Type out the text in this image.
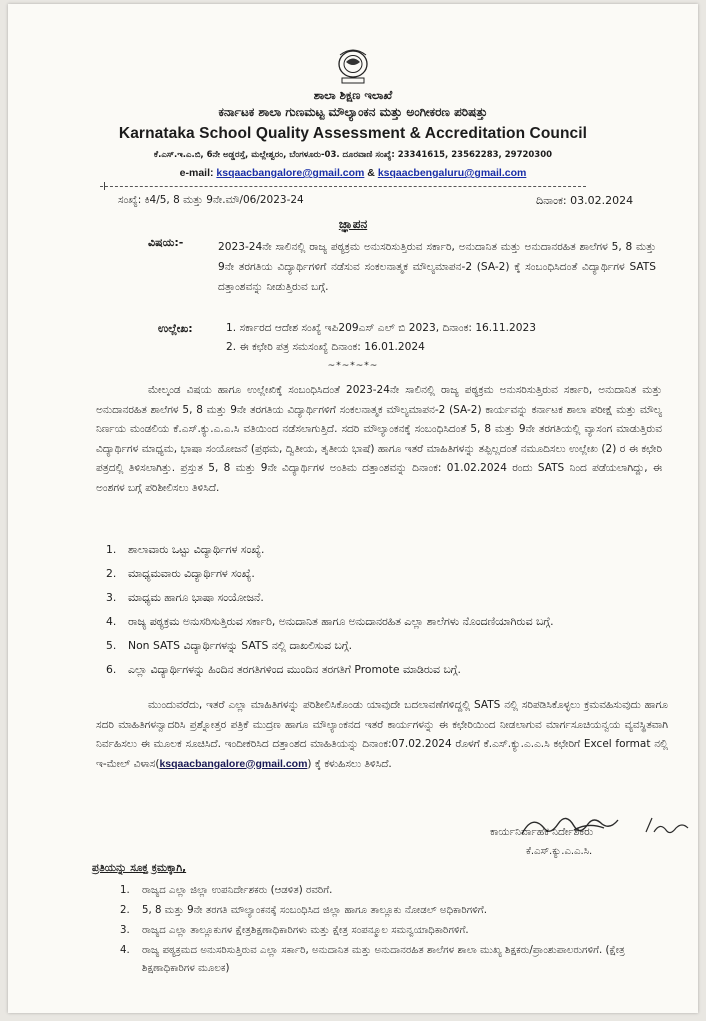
ಶಾಲಾ ಶಿಕ್ಷಣ ಇಲಾಖೆ
ಕರ್ನಾಟಕ ಶಾಲಾ ಗುಣಮಟ್ಟ ಮೌಲ್ಯಾಂಕನ ಮತ್ತು ಅಂಗೀಕರಣ ಪರಿಷತ್ತು
Karnataka School Quality Assessment & Accreditation Council
ಕೆ.ಎಸ್.ಇ.ಎ.ಬಿ, 6ನೇ ಅಡ್ಡರಸ್ತೆ, ಮಲ್ಲೇಶ್ವರಂ, ಬೆಂಗಳೂರು-03. ದೂರವಾಣಿ ಸಂಖ್ಯೆ: 23341615, 23562283, 29720300
e-mail: ksqaacbangalore@gmail.com & ksqaacbengaluru@gmail.com
ಸಂಖ್ಯೆ: ಕಿ4/5, 8 ಮತ್ತು 9ನೇ.ಮೌ/06/2023-24	ದಿನಾಂಕ: 03.02.2024
ಜ್ಞಾಪನ
ವಿಷಯ:-	2023-24ನೇ ಸಾಲಿನಲ್ಲಿ ರಾಜ್ಯ ಪಠ್ಯಕ್ರಮ ಅನುಸರಿಸುತ್ತಿರುವ ಸರ್ಕಾರಿ, ಅನುದಾನಿತ ಮತ್ತು ಅನುದಾನರಹಿತ ಶಾಲೆಗಳ 5, 8 ಮತ್ತು 9ನೇ ತರಗತಿಯ ವಿದ್ಯಾರ್ಥಿಗಳಿಗೆ ನಡೆಸುವ ಸಂಕಲನಾತ್ಮಕ ಮೌಲ್ಯಮಾಪನ-2 (SA-2) ಕ್ಕೆ ಸಂಬಂಧಿಸಿದಂತೆ ವಿದ್ಯಾರ್ಥಿಗಳ SATS ದತ್ತಾಂಶವನ್ನು ನೀಡುತ್ತಿರುವ ಬಗ್ಗೆ.
ಉಲ್ಲೇಖ:	1. ಸರ್ಕಾರದ ಆದೇಶ ಸಂಖ್ಯೆ ಇಪಿ209ಎಸ್ ಎಲ್ ಬಿ 2023, ದಿನಾಂಕ: 16.11.2023
2. ಈ ಕಛೇರಿ ಪತ್ರ ಸಮಸಂಖ್ಯೆ ದಿನಾಂಕ: 16.01.2024
~*~*~*~
ಮೇಲ್ಕಂಡ ವಿಷಯ ಹಾಗೂ ಉಲ್ಲೇಖಿಕ್ಕೆ ಸಂಬಂಧಿಸಿದಂತೆ 2023-24ನೇ ಸಾಲಿನಲ್ಲಿ ರಾಜ್ಯ ಪಠ್ಯಕ್ರಮ ಅನುಸರಿಸುತ್ತಿರುವ ಸರ್ಕಾರಿ, ಅನುದಾನಿತ ಮತ್ತು ಅನುದಾನರಹಿತ ಶಾಲೆಗಳ 5, 8 ಮತ್ತು 9ನೇ ತರಗತಿಯ ವಿದ್ಯಾರ್ಥಿಗಳಿಗೆ ಸಂಕಲನಾತ್ಮಕ ಮೌಲ್ಯಮಾಪನ-2 (SA-2) ಕಾರ್ಯವನ್ನು ಕರ್ನಾಟಕ ಶಾಲಾ ಪರೀಕ್ಷೆ ಮತ್ತು ಮೌಲ್ಯ ನಿರ್ಣಯ ಮಂಡಲಿಯ ಕೆ.ಎಸ್.ಕ್ಯು.ಎ.ಎ.ಸಿ ವತಿಯಿಂದ ನಡೆಸಲಾಗುತ್ತಿದೆ. ಸದರಿ ಮೌಲ್ಯಾಂಕನಕ್ಕೆ ಸಂಬಂಧಿಸಿದಂತೆ 5, 8 ಮತ್ತು 9ನೇ ತರಗತಿಯಲ್ಲಿ ವ್ಯಾಸಂಗ ಮಾಡುತ್ತಿರುವ ವಿದ್ಯಾರ್ಥಿಗಳ ಮಾಧ್ಯಮ, ಭಾಷಾ ಸಂಯೋಜನೆ (ಪ್ರಥಮ, ದ್ವಿತೀಯ, ತೃತೀಯ ಭಾಷೆ) ಹಾಗೂ ಇತರೆ ಮಾಹಿತಿಗಳನ್ನು ತಪ್ಪಿಲ್ಲದಂತೆ ನಮೂದಿಸಲು ಉಲ್ಲೇಖ (2) ರ ಈ ಕಛೇರಿ ಪತ್ರದಲ್ಲಿ ತಿಳಿಸಲಾಗಿತ್ತು. ಪ್ರಸ್ತುತ 5, 8 ಮತ್ತು 9ನೇ ವಿದ್ಯಾರ್ಥಿಗಳ ಅಂತಿಮ ದತ್ತಾಂಶವನ್ನು ದಿನಾಂಕ: 01.02.2024 ರಂದು SATS ನಿಂದ ಪಡೆಯಲಾಗಿದ್ದು, ಈ ಅಂಶಗಳ ಬಗ್ಗೆ ಪರಿಶೀಲಿಸಲು ತಿಳಿಸಿದೆ.
1.	ಶಾಲಾವಾರು ಒಟ್ಟು ವಿದ್ಯಾರ್ಥಿಗಳ ಸಂಖ್ಯೆ.
2.	ಮಾಧ್ಯಮವಾರು ವಿದ್ಯಾರ್ಥಿಗಳ ಸಂಖ್ಯೆ.
3.	ಮಾಧ್ಯಮ ಹಾಗೂ ಭಾಷಾ ಸಂಯೋಜನೆ.
4.	ರಾಜ್ಯ ಪಠ್ಯಕ್ರಮ ಅನುಸರಿಸುತ್ತಿರುವ ಸರ್ಕಾರಿ, ಅನುದಾನಿತ ಹಾಗೂ ಅನುದಾನರಹಿತ ಎಲ್ಲಾ ಶಾಲೆಗಳು ನೊಂದಣಿಯಾಗಿರುವ ಬಗ್ಗೆ.
5.	Non SATS ವಿದ್ಯಾರ್ಥಿಗಳನ್ನು SATS ನಲ್ಲಿ ದಾಖಲಿಸುವ ಬಗ್ಗೆ.
6.	ಎಲ್ಲಾ ವಿದ್ಯಾರ್ಥಿಗಳನ್ನು ಹಿಂದಿನ ತರಗತಿಗಳಿಂದ ಮುಂದಿನ ತರಗತಿಗೆ Promote ಮಾಡಿರುವ ಬಗ್ಗೆ.
ಮುಂದುವರೆದು, ಇತರೆ ಎಲ್ಲಾ ಮಾಹಿತಿಗಳನ್ನು ಪರಿಶೀಲಿಸಿಕೊಂಡು ಯಾವುದೇ ಬದಲಾವಣೆಗಳಿದ್ದಲ್ಲಿ SATS ನಲ್ಲಿ ಸರಿಪಡಿಸಿಕೊಳ್ಳಲು ಕ್ರಮವಹಿಸುವುದು ಹಾಗೂ ಸದರಿ ಮಾಹಿತಿಗಳನ್ವಾದರಿಸಿ ಪ್ರಶ್ನೋತ್ತರ ಪತ್ರಿಕೆ ಮುದ್ರಣ ಹಾಗೂ ಮೌಲ್ಯಾಂಕನದ ಇತರೆ ಕಾರ್ಯಗಳನ್ನು ಈ ಕಛೇರಿಯಿಂದ ನೀಡಲಾಗುವ ಮಾರ್ಗಸೂಚಿಯನ್ವಯ ವ್ಯವಸ್ಥಿತವಾಗಿ ನಿರ್ವಹಿಸಲು ಈ ಮೂಲಕ ಸೂಚಿಸಿದೆ. ಇಂದೀಕರಿಸಿದ ದತ್ತಾಂಶದ ಮಾಹಿತಿಯನ್ನು ದಿನಾಂಕ:07.02.2024 ರೊಳಗೆ ಕೆ.ಎಸ್.ಕ್ಯು.ಎ.ಎ.ಸಿ ಕಛೇರಿಗೆ Excel format ನಲ್ಲಿ ಇ-ಮೇಲ್ ವಿಳಾಸ(ksqaacbangalore@gmail.com) ಕ್ಕೆ ಕಳುಹಿಸಲು ತಿಳಿಸಿದೆ.
ಕಾರ್ಯನಿರ್ವಾಹಕ ನಿರ್ದೇಶಕರು
ಕೆ.ಎಸ್.ಕ್ಯು.ಎ.ಎ.ಸಿ.
ಪ್ರತಿಯನ್ನು ಸೂಕ್ತ ಕ್ರಮಕ್ಕಾಗಿ,
1.	ರಾಜ್ಯದ ಎಲ್ಲಾ ಜಿಲ್ಲಾ ಉಪನಿರ್ದೇಶಕರು (ಆಡಳಿತ) ರವರಿಗೆ.
2.	5, 8 ಮತ್ತು 9ನೇ ತರಗತಿ ಮೌಲ್ಯಾಂಕನಕ್ಕೆ ಸಂಬಂಧಿಸಿದ ಜಿಲ್ಲಾ ಹಾಗೂ ತಾಲ್ಲೂಕು ನೋಡಲ್ ಅಧಿಕಾರಿಗಳಿಗೆ.
3.	ರಾಜ್ಯದ ಎಲ್ಲಾ ತಾಲ್ಲೂಕುಗಳ ಕ್ಷೇತ್ರಶಿಕ್ಷಣಾಧಿಕಾರಿಗಳು ಮತ್ತು ಕ್ಷೇತ್ರ ಸಂಪನ್ಮೂಲ ಸಮನ್ವಯಾಧಿಕಾರಿಗಳಿಗೆ.
4.	ರಾಜ್ಯ ಪಠ್ಯಕ್ರಮದ ಅನುಸರಿಸುತ್ತಿರುವ ಎಲ್ಲಾ ಸರ್ಕಾರಿ, ಅನುದಾನಿತ ಮತ್ತು ಅನುದಾನರಹಿತ ಶಾಲೆಗಳ ಶಾಲಾ ಮುಖ್ಯ ಶಿಕ್ಷಕರು/ಪ್ರಾಂಶುಪಾಲರುಗಳಿಗೆ. (ಕ್ಷೇತ್ರ ಶಿಕ್ಷಣಾಧಿಕಾರಿಗಳ ಮೂಲಕ)
